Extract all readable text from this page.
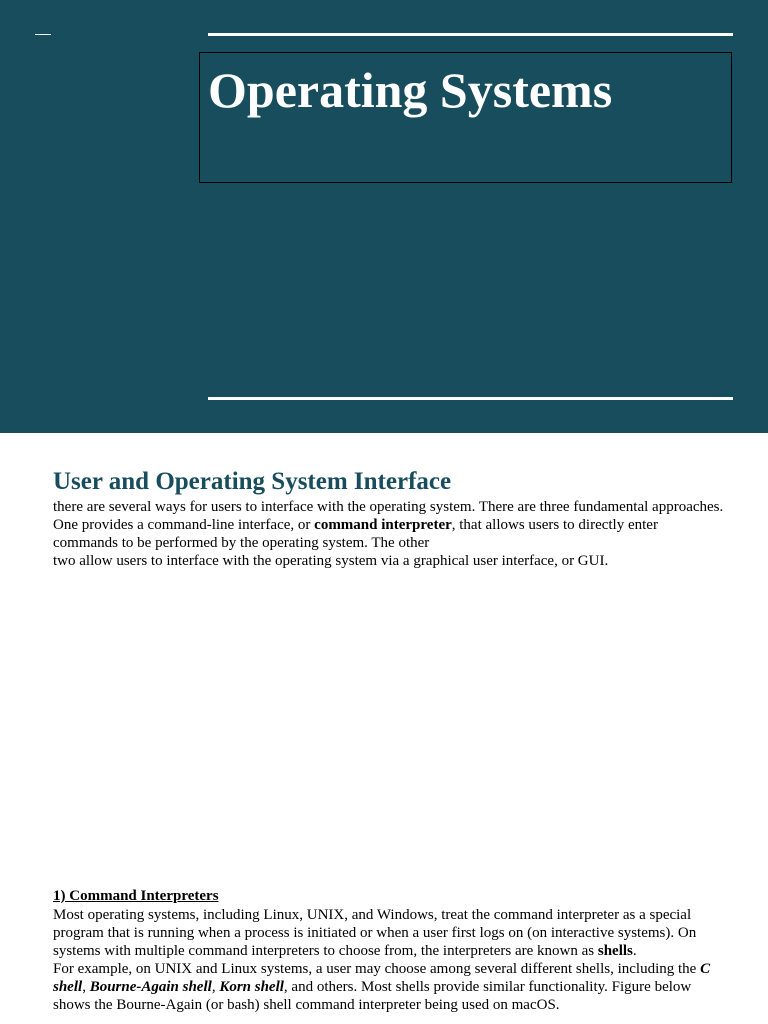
Operating Systems
User and Operating System Interface

there are several ways for users to interface with the operating system. There are three fundamental approaches.
One provides a command-line interface, or command interpreter, that allows users to directly enter
commands to be performed by the operating system. The other
two allow users to interface with the operating system via a graphical user interface, or GUI.

1) Command Interpreters

Most operating systems, including Linux, UNIX, and Windows, treat the command interpreter as a special
program that is running when a process is initiated or when a user first logs on (on interactive systems). On
systems with multiple command interpreters to choose from, the interpreters are known as shells.
For example, on UNIX and Linux systems, a user may choose among several different shells, including the C
shell, Bourne-Again shell, Korn shell, and others. Most shells provide similar functionality. Figure below
shows the Bourne-Again (or bash) shell command interpreter being used on macOS.
